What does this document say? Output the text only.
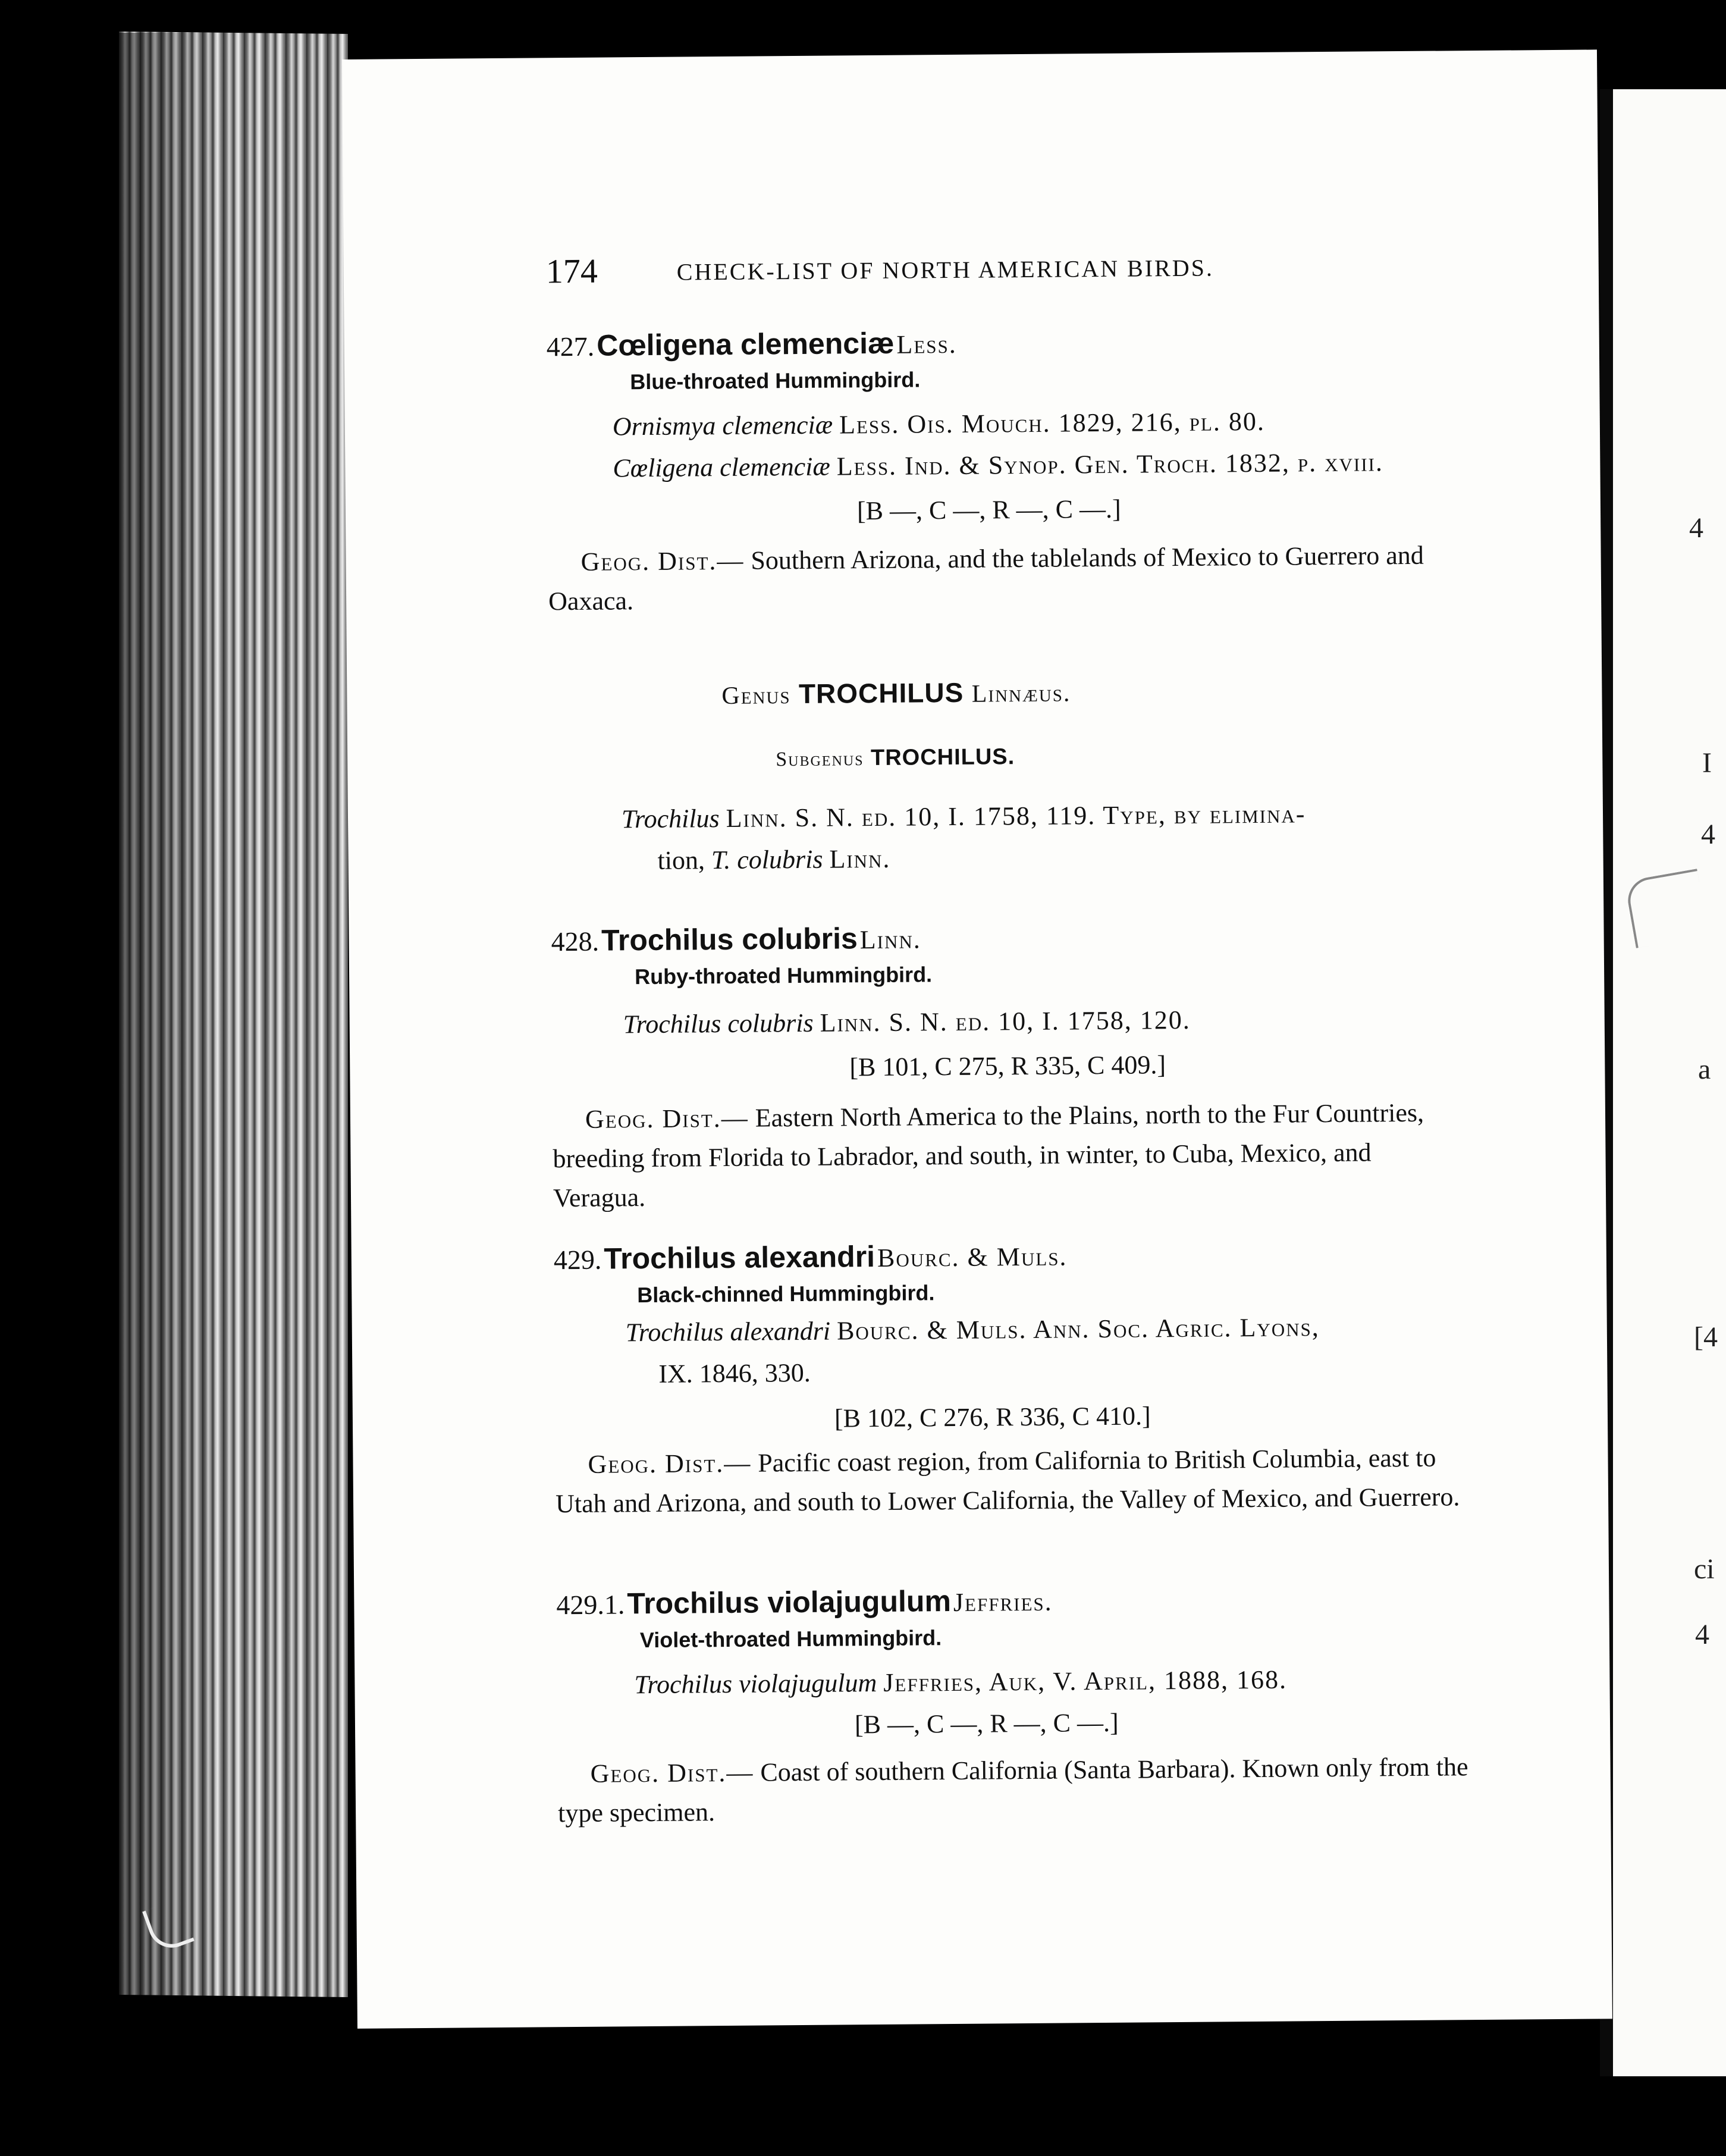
4
I
4
a
[4
ci
4
174	CHECK-LIST OF NORTH AMERICAN BIRDS.
427. Cœligena clemenciæ Less.
Blue-throated Hummingbird.
Ornismya clemenciæ Less. Ois. Mouch. 1829, 216, pl. 80.
Cœligena clemenciæ Less. Ind. & Synop. Gen. Troch. 1832, p. xviii.
[B —, C —, R —, C —.]
Geog. Dist.— Southern Arizona, and the tablelands of Mexico to Guerrero and Oaxaca.
Genus TROCHILUS Linnæus.
Subgenus TROCHILUS.
Trochilus Linn. S. N. ed. 10, I. 1758, 119. Type, by elimina-
tion, T. colubris Linn.
428. Trochilus colubris Linn.
Ruby-throated Hummingbird.
Trochilus colubris Linn. S. N. ed. 10, I. 1758, 120.
[B 101, C 275, R 335, C 409.]
Geog. Dist.— Eastern North America to the Plains, north to the Fur Countries, breeding from Florida to Labrador, and south, in winter, to Cuba, Mexico, and Veragua.
429. Trochilus alexandri Bourc. & Muls.
Black-chinned Hummingbird.
Trochilus alexandri Bourc. & Muls. Ann. Soc. Agric. Lyons,
IX. 1846, 330.
[B 102, C 276, R 336, C 410.]
Geog. Dist.— Pacific coast region, from California to British Columbia, east to Utah and Arizona, and south to Lower California, the Valley of Mexico, and Guerrero.
429.1. Trochilus violajugulum Jeffries.
Violet-throated Hummingbird.
Trochilus violajugulum Jeffries, Auk, V. April, 1888, 168.
[B —, C —, R —, C —.]
Geog. Dist.— Coast of southern California (Santa Barbara). Known only from the type specimen.
